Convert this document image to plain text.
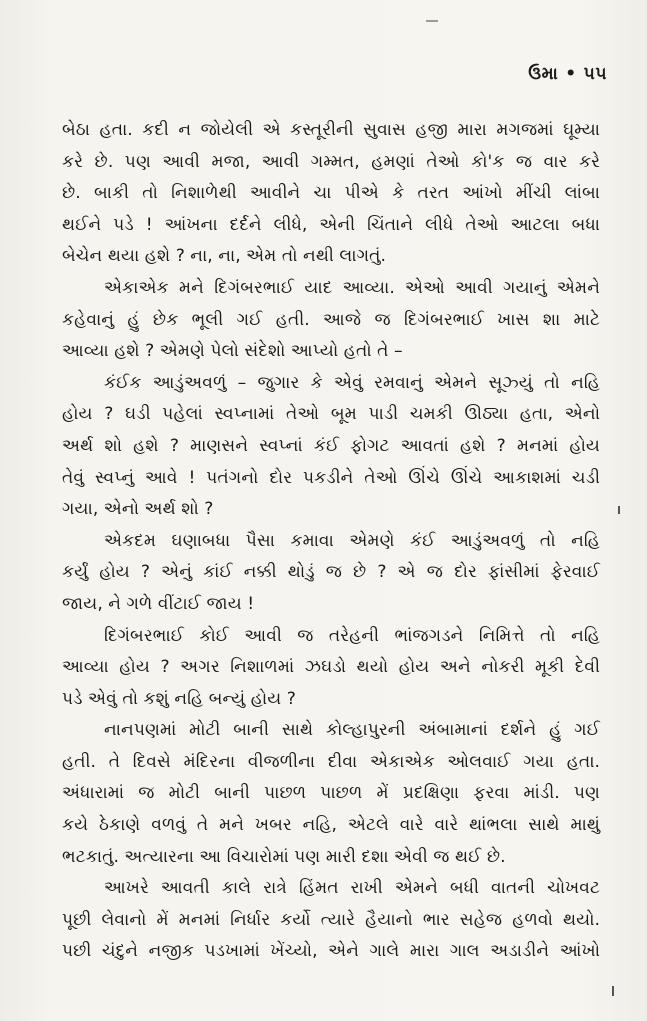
ઉમા • ૫૫
બેઠા હતા. કદી ન જોયેલી એ કસ્તૂરીની સુવાસ હજી મારા મગજમાં ઘૂમ્યા
કરે છે. પણ આવી મજા, આવી ગમ્મત, હમણાં તેઓ કો'ક જ વાર કરે
છે. બાકી તો નિશાળેથી આવીને ચા પીએ કે તરત આંખો મીંચી લાંબા
થઈને પડે ! આંખના દર્દને લીધે, એની ચિંતાને લીધે તેઓ આટલા બધા
બેચેન થયા હશે ? ના, ના, એમ તો નથી લાગતું.
એકાએક મને દિગંબરભાઈ યાદ આવ્યા. એઓ આવી ગયાનું એમને
કહેવાનું હું છેક ભૂલી ગઈ હતી. આજે જ દિગંબરભાઈ ખાસ શા માટે
આવ્યા હશે ? એમણે પેલો સંદેશો આપ્યો હતો તે –
કંઈક આડુંઅવળું – જુગાર કે એવું રમવાનું એમને સૂઝ્યું તો નહિ
હોય ? ઘડી પહેલાં સ્વપ્નામાં તેઓ બૂમ પાડી ચમકી ઊઠ્યા હતા, એનો
અર્થ શો હશે ? માણસને સ્વપ્નાં કંઈ ફોગટ આવતાં હશે ? મનમાં હોય
તેવું સ્વપ્નું આવે ! પતંગનો દોર પકડીને તેઓ ઊંચે ઊંચે આકાશમાં ચડી
ગયા, એનો અર્થ શો ?
એકદમ ઘણાબધા પૈસા કમાવા એમણે કંઈ આડુંઅવળું તો નહિ
કર્યું હોય ? એનું કાંઈ નક્કી થોડું જ છે ? એ જ દોર ફાંસીમાં ફેરવાઈ
જાય, ને ગળે વીંટાઈ જાય !
દિગંબરભાઈ કોઈ આવી જ તરેહની ભાંજગડને નિમિત્તે તો નહિ
આવ્યા હોય ? અગર નિશાળમાં ઝઘડો થયો હોય અને નોકરી મૂકી દેવી
પડે એવું તો કશું નહિ બન્યું હોય ?
નાનપણમાં મોટી બાની સાથે કોલ્હાપુરની અંબામાનાં દર્શને હું ગઈ
હતી. તે દિવસે મંદિરના વીજળીના દીવા એકાએક ઓલવાઈ ગયા હતા.
અંધારામાં જ મોટી બાની પાછળ પાછળ મેં પ્રદક્ષિણા ફરવા માંડી. પણ
કયે ઠેકાણે વળવું તે મને ખબર નહિ, એટલે વારે વારે થાંભલા સાથે માથું
ભટકાતું. અત્યારના આ વિચારોમાં પણ મારી દશા એવી જ થઈ છે.
આખરે આવતી કાલે રાત્રે હિંમત રાખી એમને બધી વાતની ચોખવટ
પૂછી લેવાનો મેં મનમાં નિર્ધાર કર્યો ત્યારે હૈયાનો ભાર સહેજ હળવો થયો.
પછી ચંદુને નજીક પડખામાં ખેંચ્યો, એને ગાલે મારા ગાલ અડાડીને આંખો
